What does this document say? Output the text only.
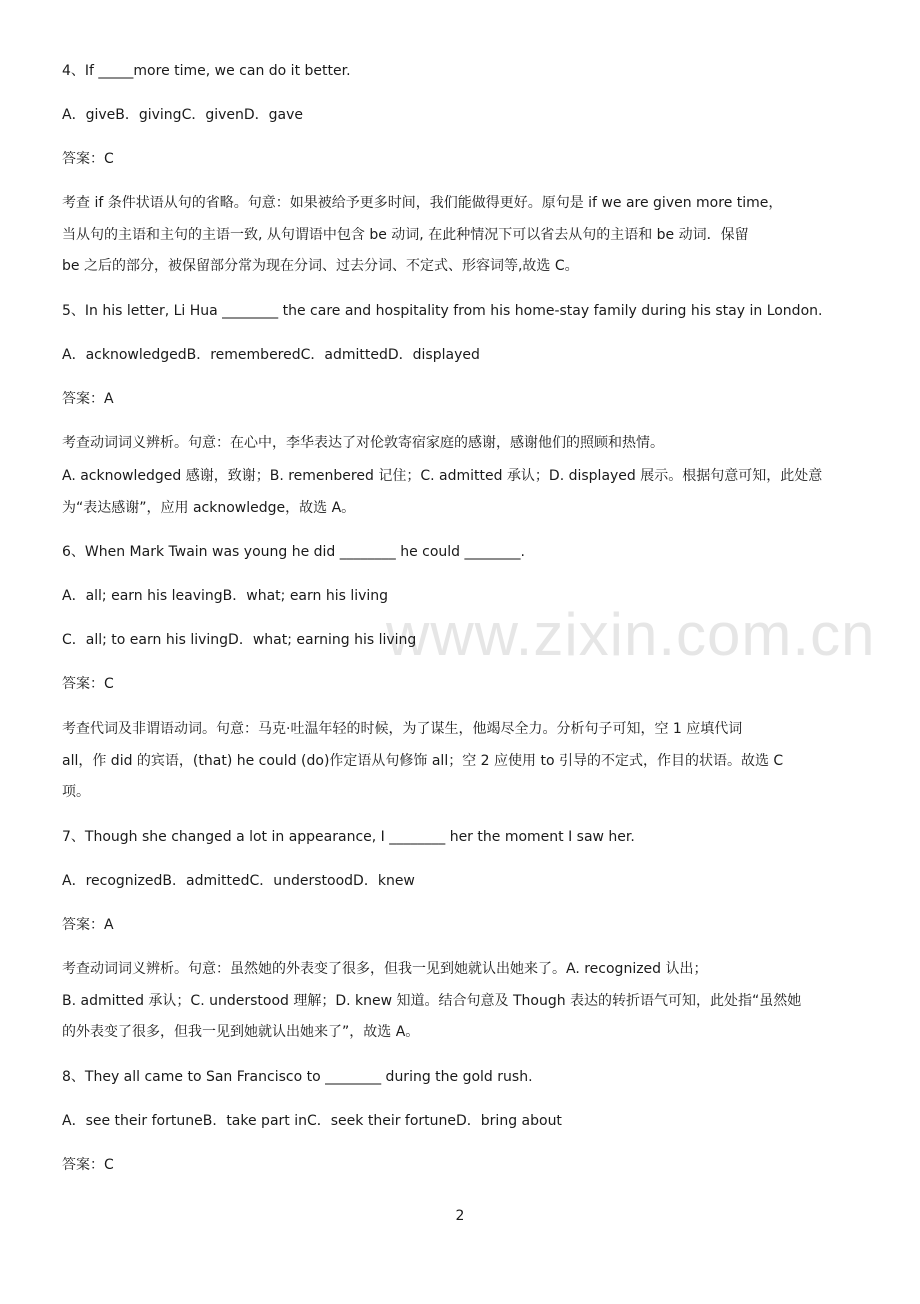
www.zixin.com.cn
4、If _____more time, we can do it better.
A．giveB．givingC．givenD．gave
答案：C
考查 if 条件状语从句的省略。句意：如果被给予更多时间，我们能做得更好。原句是 if we are given more time，
当从句的主语和主句的主语一致, 从句谓语中包含 be 动词, 在此种情况下可以省去从句的主语和 be 动词．保留
be 之后的部分，被保留部分常为现在分词、过去分词、不定式、形容词等,故选 C。
5、In his letter, Li Hua ________ the care and hospitality from his home-stay family during his stay in London.
A．acknowledgedB．rememberedC．admittedD．displayed
答案：A
考查动词词义辨析。句意：在心中，李华表达了对伦敦寄宿家庭的感谢，感谢他们的照顾和热情。
A. acknowledged 感谢，致谢；B. remenbered 记住；C. admitted 承认；D. displayed 展示。根据句意可知，此处意
为“表达感谢”，应用 acknowledge，故选 A。
6、When Mark Twain was young he did ________ he could ________.
A．all; earn his leavingB．what; earn his living
C．all; to earn his livingD．what; earning his living
答案：C
考查代词及非谓语动词。句意：马克·吐温年轻的时候，为了谋生，他竭尽全力。分析句子可知，空 1 应填代词
all，作 did 的宾语，(that) he could (do)作定语从句修饰 all；空 2 应使用 to 引导的不定式，作目的状语。故选 C
项。
7、Though she changed a lot in appearance, I ________ her the moment I saw her.
A．recognizedB．admittedC．understoodD．knew
答案：A
考查动词词义辨析。句意：虽然她的外表变了很多，但我一见到她就认出她来了。A. recognized 认出；
B. admitted 承认；C. understood 理解；D. knew 知道。结合句意及 Though 表达的转折语气可知，此处指“虽然她
的外表变了很多，但我一见到她就认出她来了”，故选 A。
8、They all came to San Francisco to ________ during the gold rush.
A．see their fortuneB．take part inC．seek their fortuneD．bring about
答案：C
2
